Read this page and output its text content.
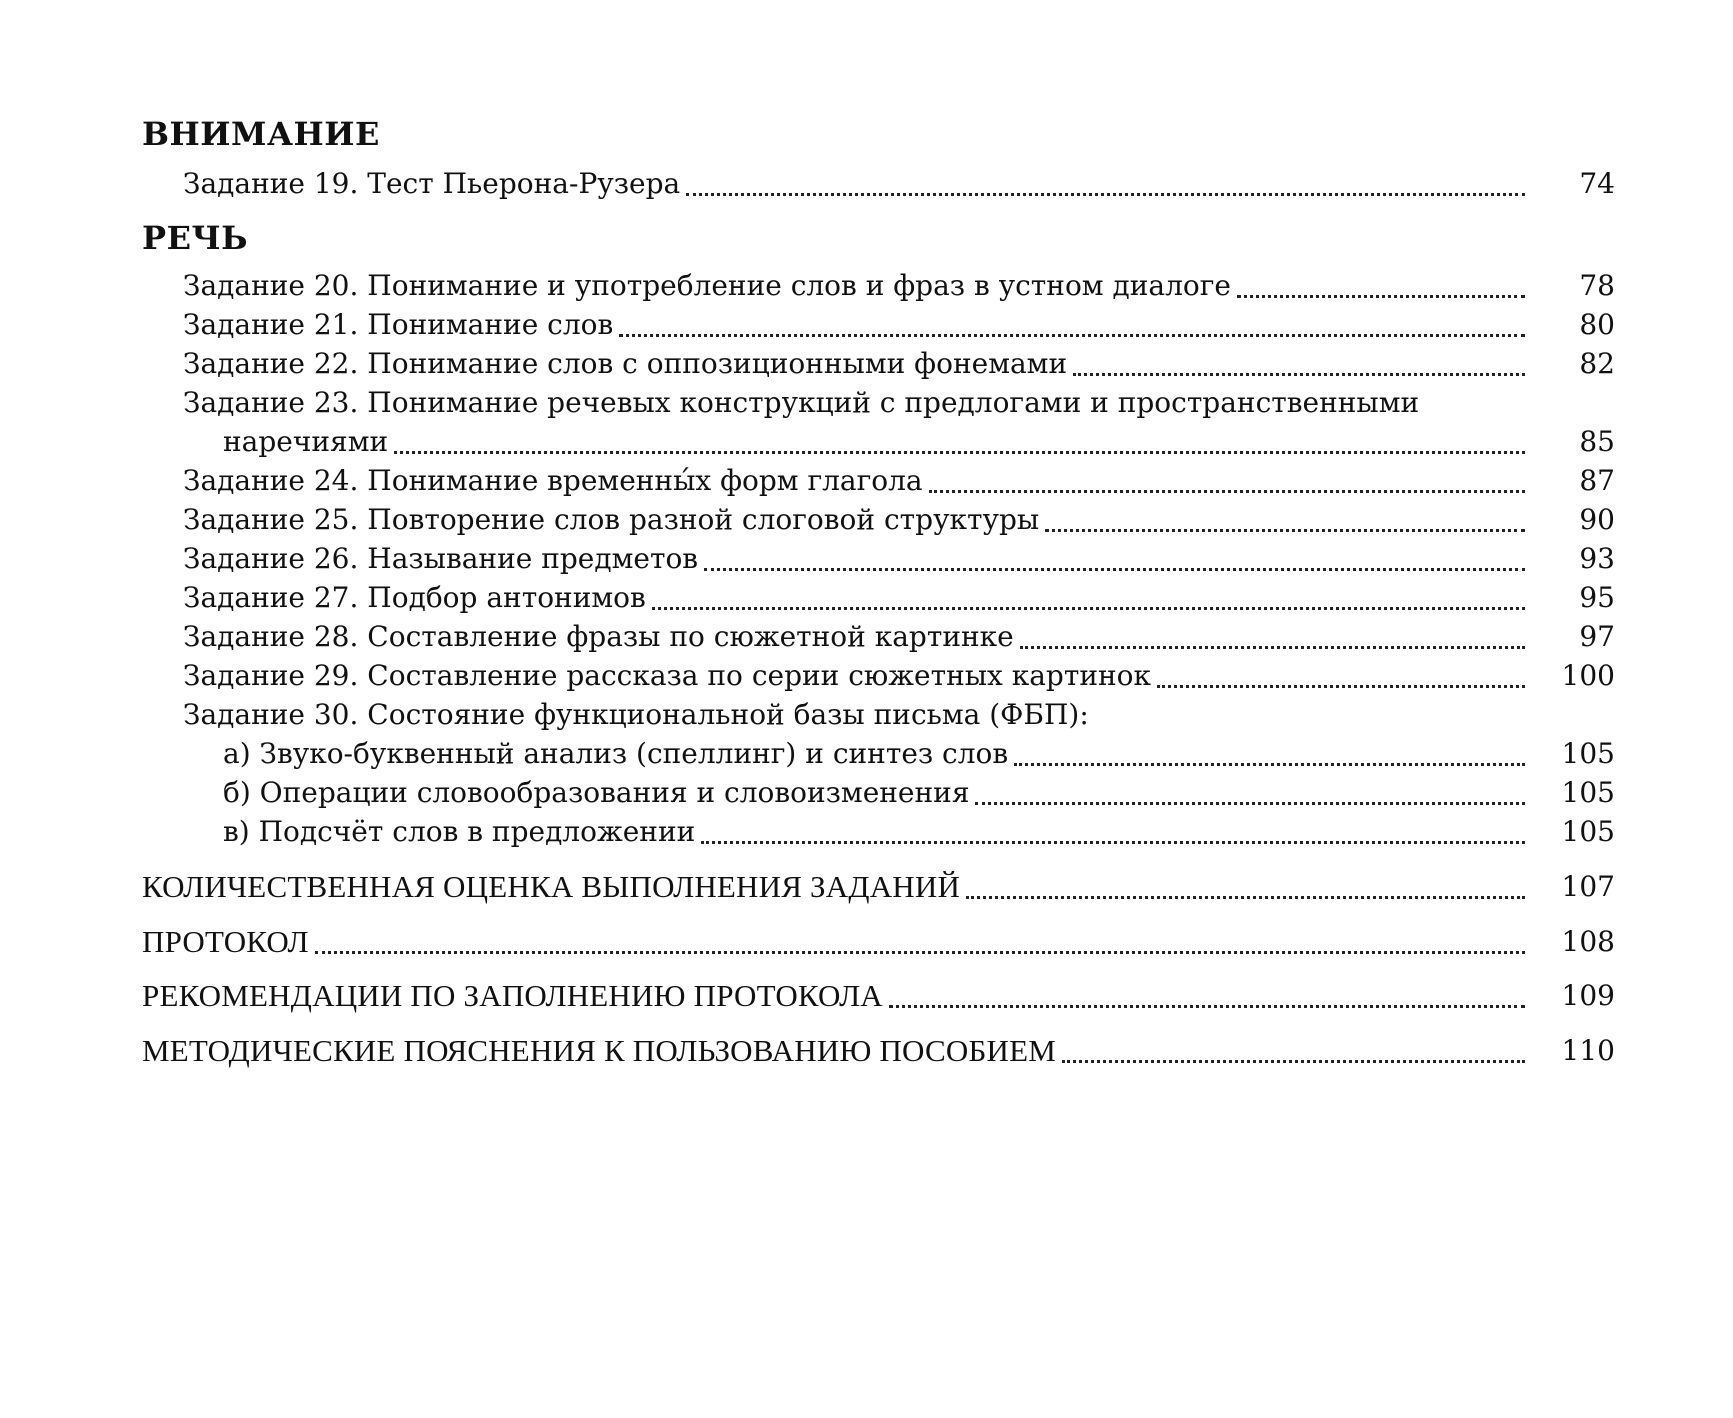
ВНИМАНИЕ
Задание 19. Тест Пьерона-Рузера	74
РЕЧЬ
Задание 20. Понимание и употребление слов и фраз в устном диалоге	78
Задание 21. Понимание слов	80
Задание 22. Понимание слов с оппозиционными фонемами	82
Задание 23. Понимание речевых конструкций с предлогами и пространственными
наречиями	85
Задание 24. Понимание временны́х форм глагола	87
Задание 25. Повторение слов разной слоговой структуры	90
Задание 26. Называние предметов	93
Задание 27. Подбор антонимов	95
Задание 28. Составление фразы по сюжетной картинке	97
Задание 29. Составление рассказа по серии сюжетных картинок	100
Задание 30. Состояние функциональной базы письма (ФБП):
а) Звуко-буквенный анализ (спеллинг) и синтез слов	105
б) Операции словообразования и словоизменения	105
в) Подсчёт слов в предложении	105
КОЛИЧЕСТВЕННАЯ ОЦЕНКА ВЫПОЛНЕНИЯ ЗАДАНИЙ	107
ПРОТОКОЛ	108
РЕКОМЕНДАЦИИ ПО ЗАПОЛНЕНИЮ ПРОТОКОЛА	109
МЕТОДИЧЕСКИЕ ПОЯСНЕНИЯ К ПОЛЬЗОВАНИЮ ПОСОБИЕМ	110
